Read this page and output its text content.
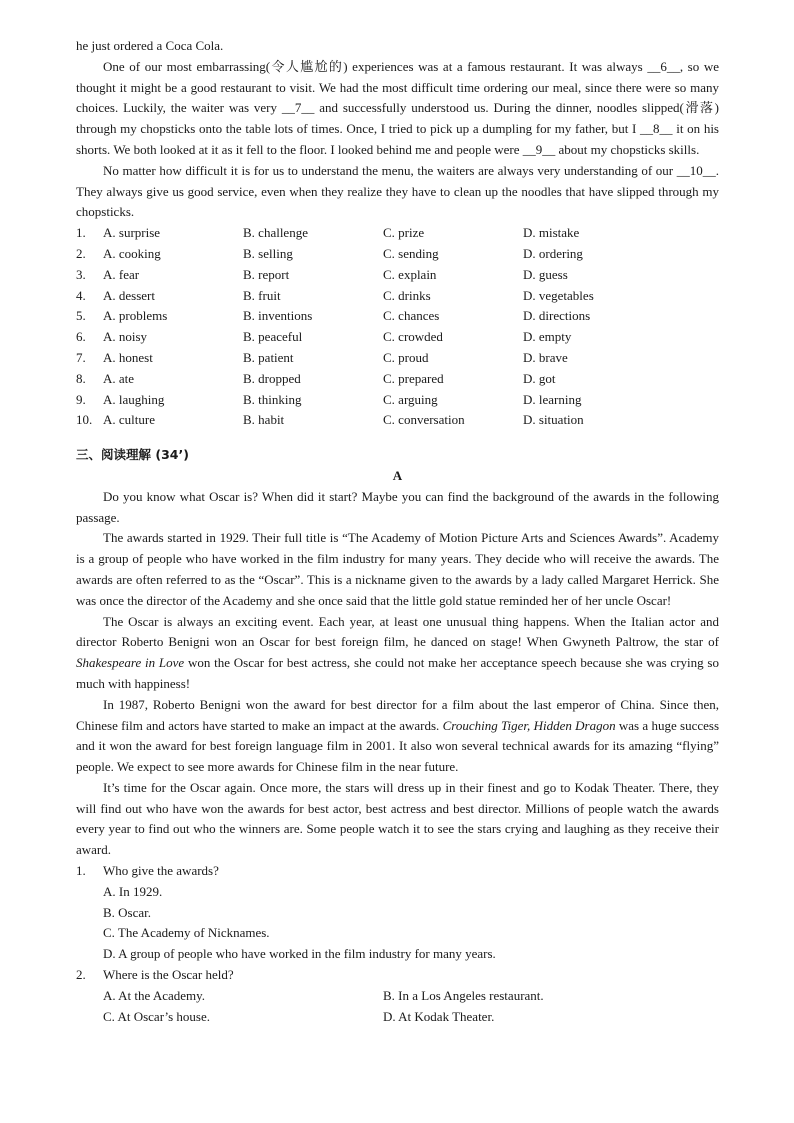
he just ordered a Coca Cola.

One of our most embarrassing(令人尴尬的) experiences was at a famous restaurant. It was always __6__, so we thought it might be a good restaurant to visit. We had the most difficult time ordering our meal, since there were so many choices. Luckily, the waiter was very __7__ and successfully understood us. During the dinner, noodles slipped(滑落) through my chopsticks onto the table lots of times. Once, I tried to pick up a dumpling for my father, but I __8__ it on his shorts. We both looked at it as it fell to the floor. I looked behind me and people were __9__ about my chopsticks skills.

No matter how difficult it is for us to understand the menu, the waiters are always very understanding of our __10__. They always give us good service, even when they realize they have to clean up the noodles that have slipped through my chopsticks.

1.	A. surprise	B. challenge	C. prize	D. mistake
2.	A. cooking	B. selling	C. sending	D. ordering
3.	A. fear	B. report	C. explain	D. guess
4.	A. dessert	B. fruit	C. drinks	D. vegetables
5.	A. problems	B. inventions	C. chances	D. directions
6.	A. noisy	B. peaceful	C. crowded	D. empty
7.	A. honest	B. patient	C. proud	D. brave
8.	A. ate	B. dropped	C. prepared	D. got
9.	A. laughing	B. thinking	C. arguing	D. learning
10. A. culture	B. habit	C. conversation	D. situation
三、阅读理解 (34’)
A

Do you know what Oscar is? When did it start? Maybe you can find the background of the awards in the following passage.

The awards started in 1929. Their full title is “The Academy of Motion Picture Arts and Sciences Awards”. Academy is a group of people who have worked in the film industry for many years. They decide who will receive the awards. The awards are often referred to as the “Oscar”. This is a nickname given to the awards by a lady called Margaret Herrick. She was once the director of the Academy and she once said that the little gold statue reminded her of her uncle Oscar!

The Oscar is always an exciting event. Each year, at least one unusual thing happens. When the Italian actor and director Roberto Benigni won an Oscar for best foreign film, he danced on stage! When Gwyneth Paltrow, the star of Shakespeare in Love won the Oscar for best actress, she could not make her acceptance speech because she was crying so much with happiness!

In 1987, Roberto Benigni won the award for best director for a film about the last emperor of China. Since then, Chinese film and actors have started to make an impact at the awards. Crouching Tiger, Hidden Dragon was a huge success and it won the award for best foreign language film in 2001. It also won several technical awards for its amazing “flying” people. We expect to see more awards for Chinese film in the near future.

It’s time for the Oscar again. Once more, the stars will dress up in their finest and go to Kodak Theater. There, they will find out who have won the awards for best actor, best actress and best director. Millions of people watch the awards every year to find out who the winners are. Some people watch it to see the stars crying and laughing as they receive their award.

1.	Who give the awards?
A. In 1929.
B. Oscar.
C. The Academy of Nicknames.
D. A group of people who have worked in the film industry for many years.
2.	Where is the Oscar held?
A. At the Academy.	B. In a Los Angeles restaurant.
C. At Oscar’s house.	D. At Kodak Theater.
